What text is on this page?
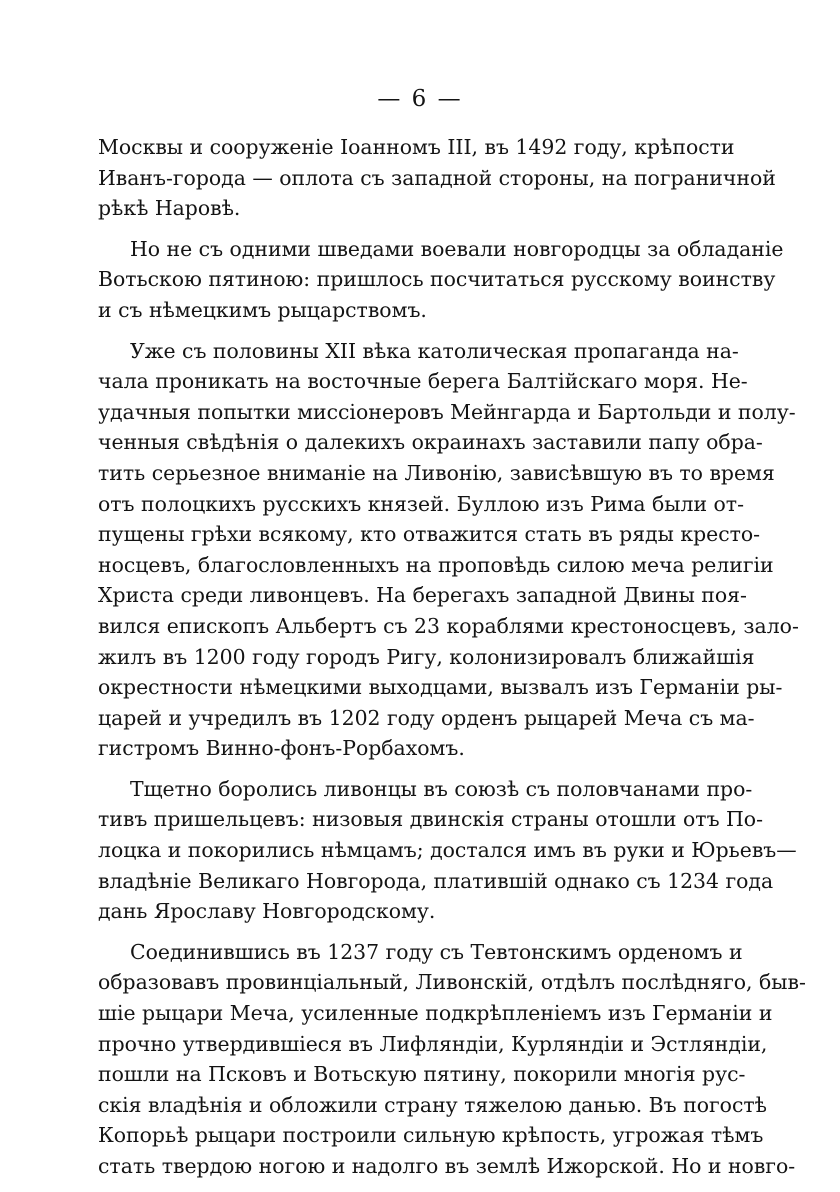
— 6 —
Москвы и сооруженіе Іоанномъ III, въ 1492 году, крѣпости
Иванъ-города — оплота съ западной стороны, на пограничной
рѣкѣ Наровѣ.
Но не съ одними шведами воевали новгородцы за обладаніе
Вотьскою пятиною: пришлось посчитаться русскому воинству
и съ нѣмецкимъ рыцарствомъ.
Уже съ половины XII вѣка католическая пропаганда на-
чала проникать на восточные берега Балтійскаго моря. Не-
удачныя попытки миссіонеровъ Мейнгарда и Бартольди и полу-
ченныя свѣдѣнія о далекихъ окраинахъ заставили папу обра-
тить серьезное вниманіе на Ливонію, зависѣвшую въ то время
отъ полоцкихъ русскихъ князей. Буллою изъ Рима были от-
пущены грѣхи всякому, кто отважится стать въ ряды кресто-
носцевъ, благословленныхъ на проповѣдь силою меча религіи
Христа среди ливонцевъ. На берегахъ западной Двины поя-
вился епископъ Альбертъ съ 23 кораблями крестоносцевъ, зало-
жилъ въ 1200 году городъ Ригу, колонизировалъ ближайшія
окрестности нѣмецкими выходцами, вызвалъ изъ Германіи ры-
царей и учредилъ въ 1202 году орденъ рыцарей Меча съ ма-
гистромъ Винно-фонъ-Рорбахомъ.
Тщетно боролись ливонцы въ союзѣ съ половчанами про-
тивъ пришельцевъ: низовыя двинскія страны отошли отъ По-
лоцка и покорились нѣмцамъ; достался имъ въ руки и Юрьевъ—
владѣніе Великаго Новгорода, платившій однако съ 1234 года
дань Ярославу Новгородскому.
Соединившись въ 1237 году съ Тевтонскимъ орденомъ и
образовавъ провинціальный, Ливонскій, отдѣлъ послѣдняго, быв-
шіе рыцари Меча, усиленные подкрѣпленіемъ изъ Германіи и
прочно утвердившіеся въ Лифляндіи, Курляндіи и Эстляндіи,
пошли на Псковъ и Вотьскую пятину, покорили многія рус-
скія владѣнія и обложили страну тяжелою данью. Въ погостѣ
Копорьѣ рыцари построили сильную крѣпость, угрожая тѣмъ
стать твердою ногою и надолго въ землѣ Ижорской. Но и новго-
